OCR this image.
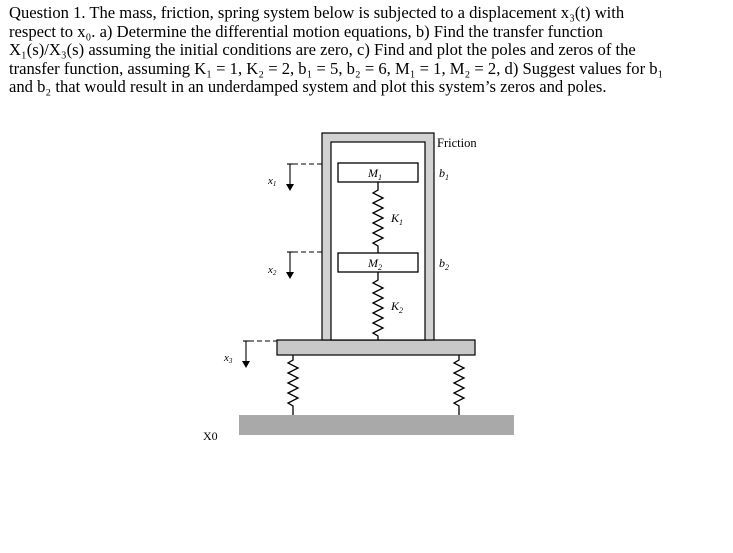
Question 1. The mass, friction, spring system below is subjected to a displacement x₃(t) with
respect to x₀. a) Determine the differential motion equations, b) Find the transfer function
X₁(s)/X₃(s) assuming the initial conditions are zero, c) Find and plot the poles and zeros of the
transfer function, assuming K₁ = 1, K₂ = 2, b₁ = 5, b₂ = 6, M₁ = 1, M₂ = 2, d) Suggest values for b₁
and b₂ that would result in an underdamped system and plot this system’s zeros and poles.
Friction
$b_1$
$b_2$
$M_1$
$M_2$
$K_1$
$K_2$
x1
x2
x3
X0
